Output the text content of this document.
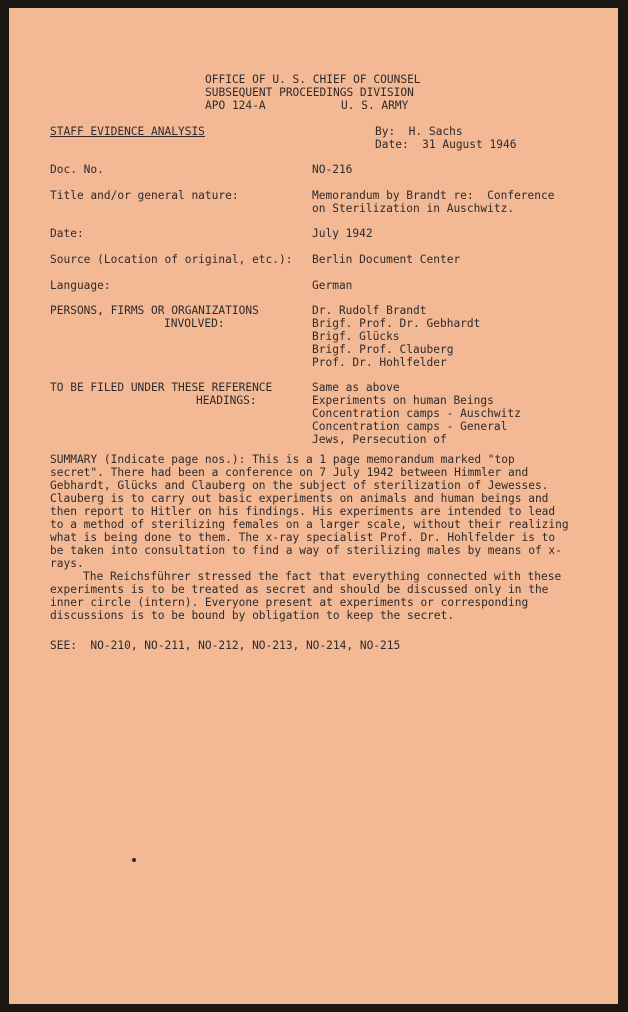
OFFICE OF U. S. CHIEF OF COUNSEL
SUBSEQUENT PROCEEDINGS DIVISION
APO 124-A	U. S. ARMY
STAFF EVIDENCE ANALYSIS	By:  H. Sachs
Date:  31 August 1946
Doc. No.	NO-216
Title and/or general nature:	Memorandum by Brandt re:  Conference
on Sterilization in Auschwitz.
Date:	July 1942
Source (Location of original, etc.): Berlin Document Center
Language:	German
PERSONS, FIRMS OR ORGANIZATIONS
INVOLVED:
Dr. Rudolf Brandt
Brigf. Prof. Dr. Gebhardt
Brigf. Glücks
Brigf. Prof. Clauberg
Prof. Dr. Hohlfelder
TO BE FILED UNDER THESE REFERENCE
HEADINGS:
Same as above
Experiments on human Beings
Concentration camps - Auschwitz
Concentration camps - General
Jews, Persecution of
SUMMARY (Indicate page nos.): This is a 1 page memorandum marked "top secret". There had been a conference on 7 July 1942 between Himmler and Gebhardt, Glücks and Clauberg on the subject of sterilization of Jewesses. Clauberg is to carry out basic experiments on animals and human beings and then report to Hitler on his findings. His experiments are intended to lead to a method of sterilizing females on a larger scale, without their realizing what is being done to them. The x-ray specialist Prof. Dr. Hohlfelder is to be taken into consultation to find a way of sterilizing males by means of x-rays.
The Reichsführer stressed the fact that everything connected with these experiments is to be treated as secret and should be discussed only in the inner circle (intern). Everyone present at experiments or corresponding discussions is to be bound by obligation to keep the secret.
SEE:  NO-210, NO-211, NO-212, NO-213, NO-214, NO-215
